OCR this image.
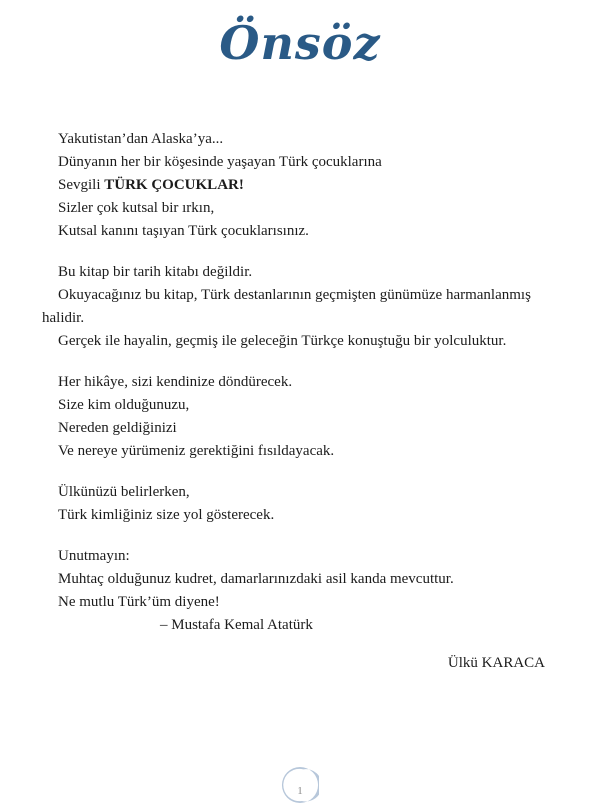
Önsöz
Yakutistan’dan Alaska’ya...
Dünyanın her bir köşesinde yaşayan Türk çocuklarına
Sevgili TÜRK ÇOCUKLAR!
Sizler çok kutsal bir ırkın,
Kutsal kanını taşıyan Türk çocuklarısınız.
Bu kitap bir tarih kitabı değildir.
Okuyacağınız bu kitap, Türk destanlarının geçmişten günümüze harmanlanmış
halidir.
Gerçek ile hayalin, geçmiş ile geleceğin Türkçe konuştuğu bir yolculuktur.
Her hikâye, sizi kendinize döndürecek.
Size kim olduğunuzu,
Nereden geldiğinizi
Ve nereye yürümeniz gerektiğini fısıldayacak.
Ülkünüzü belirlerken,
Türk kimliğiniz size yol gösterecek.
Unutmayın:
Muhtaç olduğunuz kudret, damarlarınızdaki asil kanda mevcuttur.
Ne mutlu Türk’üm diyene!
– Mustafa Kemal Atatürk
Ülkü KARACA
1
